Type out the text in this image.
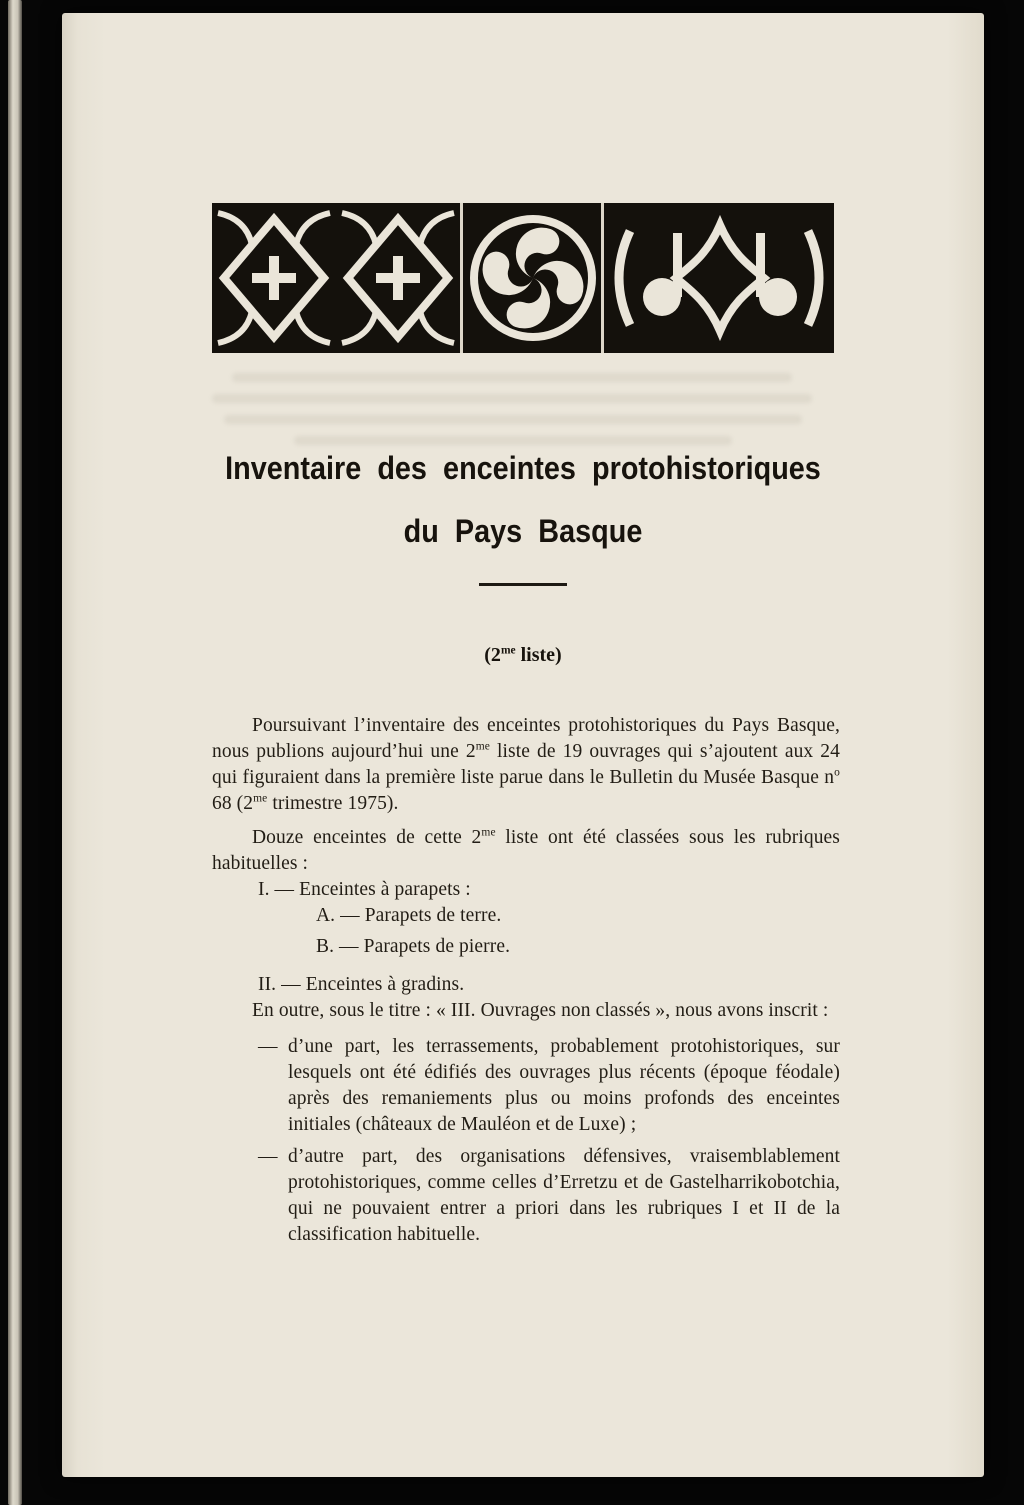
Inventaire des enceintes protohistoriques
du Pays Basque
($2^{me}$ liste)

Poursuivant l’inventaire des enceintes protohistoriques du Pays Basque, nous publions aujourd’hui une $2^{me}$ liste de 19 ouvrages qui s’ajoutent aux 24 qui figuraient dans la première liste parue dans le Bulletin du Musée Basque $n^o$ 68 ($2^{me}$ trimestre 1975).

Douze enceintes de cette $2^{me}$ liste ont été classées sous les rubriques habituelles :

I. — Enceintes à parapets :

A. — Parapets de terre.

B. — Parapets de pierre.

II. — Enceintes à gradins.

En outre, sous le titre : « III. Ouvrages non classés », nous avons inscrit :

— d’une part, les terrassements, probablement protohistoriques, sur lesquels ont été édifiés des ouvrages plus récents (époque féodale) après des remaniements plus ou moins profonds des enceintes initiales (châteaux de Mauléon et de Luxe) ;
— d’autre part, des organisations défensives, vraisemblablement protohistoriques, comme celles d’Erretzu et de Gastelharrikobotchia, qui ne pouvaient entrer a priori dans les rubriques I et II de la classification habituelle.
